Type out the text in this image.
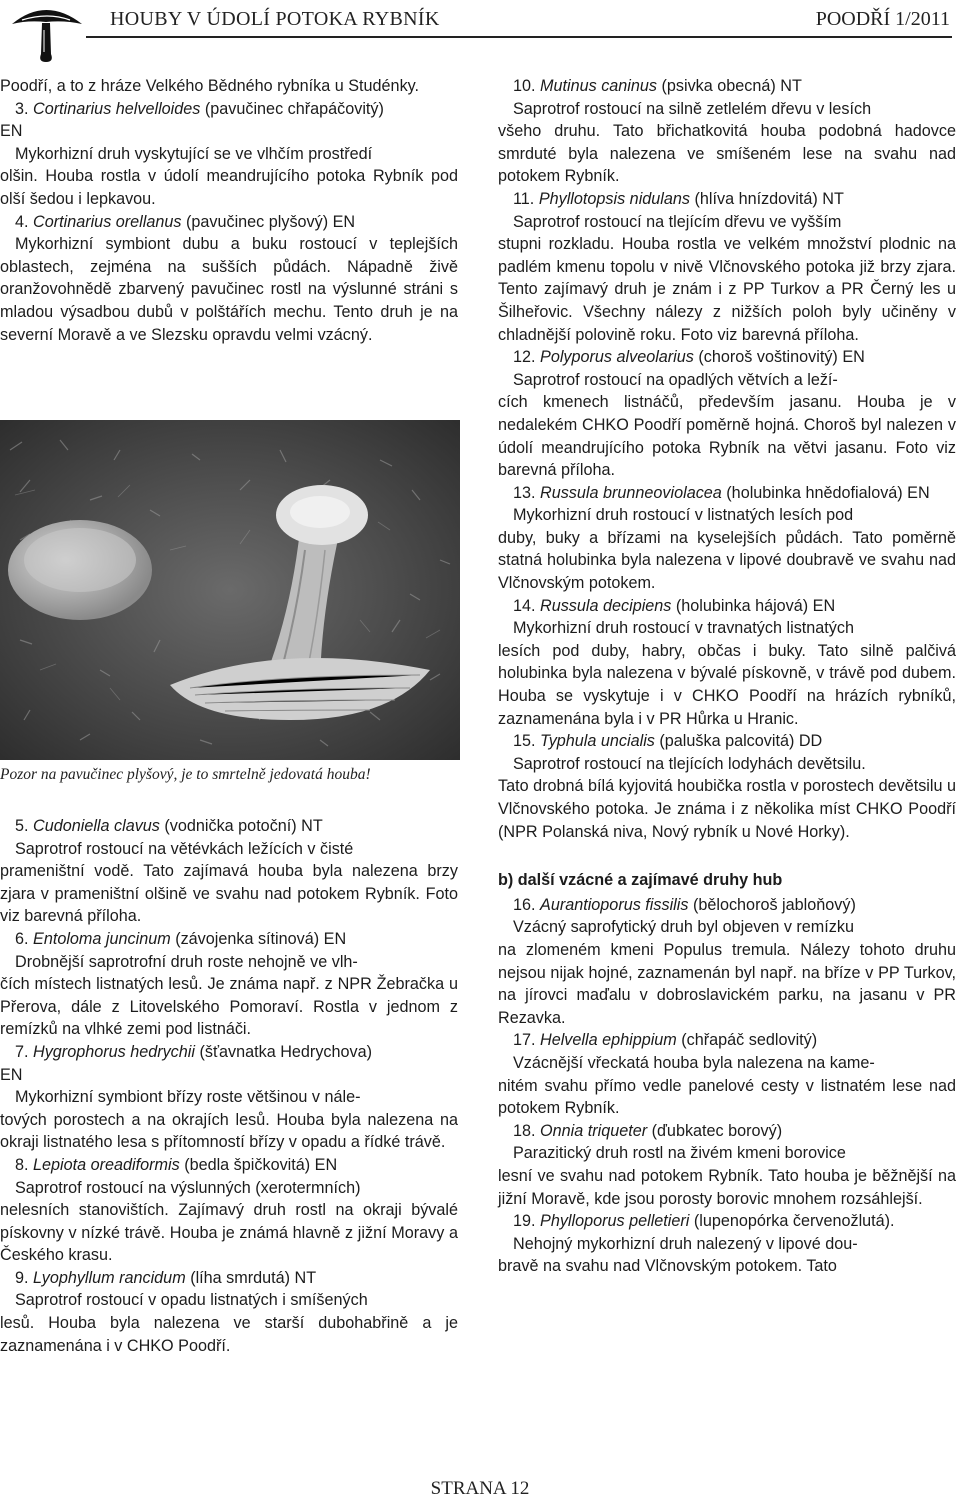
HOUBY V ÚDOLÍ POTOKA RYBNÍK	POODŘÍ 1/2011

Poodří, a to z hráze Velkého Bědného rybníka u Studénky.

3. Cortinarius helvelloides (pavučinec chřapáčovitý)

EN

Mykorhizní druh vyskytující se ve vlhčím prostředí

olšin. Houba rostla v údolí meandrujícího potoka Rybník pod olší šedou i lepkavou.

4. Cortinarius orellanus (pavučinec plyšový) EN

Mykorhizní symbiont dubu a buku rostoucí v teplejších oblastech, zejména na sušších půdách. Nápadně živě oranžovohnědě zbarvený pavučinec rostl na výslunné stráni s mladou výsadbou dubů v polštářích mechu. Tento druh je na severní Moravě a ve Slezsku opravdu velmi vzácný.

Pozor na pavučinec plyšový, je to smrtelně jedovatá houba!

5. Cudoniella clavus (vodnička potoční) NT

Saprotrof rostoucí na větévkách ležících v čisté

prameništní vodě. Tato zajímavá houba byla nalezena brzy zjara v prameništní olšině ve svahu nad potokem Rybník. Foto viz barevná příloha.

6. Entoloma juncinum (závojenka sítinová) EN

Drobnější saprotrofní druh roste nehojně ve vlh-

čích místech listnatých lesů. Je známa např. z NPR Žebračka u Přerova, dále z Litovelského Pomoraví. Rostla v jednom z remízků na vlhké zemi pod listnáči.

7. Hygrophorus hedrychii (šťavnatka Hedrychova)

EN

Mykorhizní symbiont břízy roste většinou v nále-

tových porostech a na okrajích lesů. Houba byla nalezena na okraji listnatého lesa s přítomností břízy v opadu a řídké trávě.

8. Lepiota oreadiformis (bedla špičkovitá) EN

Saprotrof rostoucí na výslunných (xerotermních)

nelesních stanovištích. Zajímavý druh rostl na okraji bývalé pískovny v nízké trávě. Houba je známá hlavně z jižní Moravy a Českého krasu.

9. Lyophyllum rancidum (líha smrdutá) NT

Saprotrof rostoucí v opadu listnatých i smíšených

lesů. Houba byla nalezena ve starší dubohabřině a je zaznamenána i v CHKO Poodří.

10. Mutinus caninus (psivka obecná) NT

Saprotrof rostoucí na silně zetlelém dřevu v lesích

všeho druhu. Tato břichatkovitá houba podobná hadovce smrduté byla nalezena ve smíšeném lese na svahu nad potokem Rybník.

11. Phyllotopsis nidulans (hlíva hnízdovitá) NT

Saprotrof rostoucí na tlejícím dřevu ve vyšším

stupni rozkladu. Houba rostla ve velkém množství plodnic na padlém kmenu topolu v nivě Vlčnovského potoka již brzy zjara. Tento zajímavý druh je znám i z PP Turkov a PR Černý les u Šilheřovic. Všechny nálezy z nižších poloh byly učiněny v chladnější polovině roku. Foto viz barevná příloha.

12. Polyporus alveolarius (choroš voštinovitý) EN

Saprotrof rostoucí na opadlých větvích a leží-

cích kmenech listnáčů, především jasanu. Houba je v nedalekém CHKO Poodří poměrně hojná. Choroš byl nalezen v údolí meandrujícího potoka Rybník na větvi jasanu. Foto viz barevná příloha.

13. Russula brunneoviolacea (holubinka hnědofialová) EN

Mykorhizní druh rostoucí v listnatých lesích pod

duby, buky a břízami na kyselejších půdách. Tato poměrně statná holubinka byla nalezena v lipové doubravě ve svahu nad Vlčnovským potokem.

14. Russula decipiens (holubinka hájová) EN

Mykorhizní druh rostoucí v travnatých listnatých

lesích pod duby, habry, občas i buky. Tato silně palčivá holubinka byla nalezena v bývalé pískovně, v trávě pod dubem. Houba se vyskytuje i v CHKO Poodří na hrázích rybníků, zaznamenána byla i v PR Hůrka u Hranic.

15. Typhula uncialis (paluška palcovitá) DD

Saprotrof rostoucí na tlejících lodyhách devětsilu.

Tato drobná bílá kyjovitá houbička rostla v porostech devětsilu u Vlčnovského potoka. Je známa i z několika míst CHKO Poodří (NPR Polanská niva, Nový rybník u Nové Horky).

b) další vzácné a zajímavé druhy hub

16. Aurantioporus fissilis (bělochoroš jabloňový)

Vzácný saprofytický druh byl objeven v remízku

na zlomeném kmeni Populus tremula. Nálezy tohoto druhu nejsou nijak hojné, zaznamenán byl např. na bříze v PP Turkov, na jírovci maďalu v dobroslavickém parku, na jasanu v PR Rezavka.

17. Helvella ephippium (chřapáč sedlovitý)

Vzácnější vřeckatá houba byla nalezena na kame-

nitém svahu přímo vedle panelové cesty v listnatém lese nad potokem Rybník.

18. Onnia triqueter (ďubkatec borový)

Parazitický druh rostl na živém kmeni borovice

lesní ve svahu nad potokem Rybník. Tato houba je běžnější na jižní Moravě, kde jsou porosty borovic mnohem rozsáhlejší.

19. Phylloporus pelletieri (lupenopórka červenožlutá).

Nehojný mykorhizní druh nalezený v lipové dou-

bravě na svahu nad Vlčnovským potokem. Tato

STRANA 12
